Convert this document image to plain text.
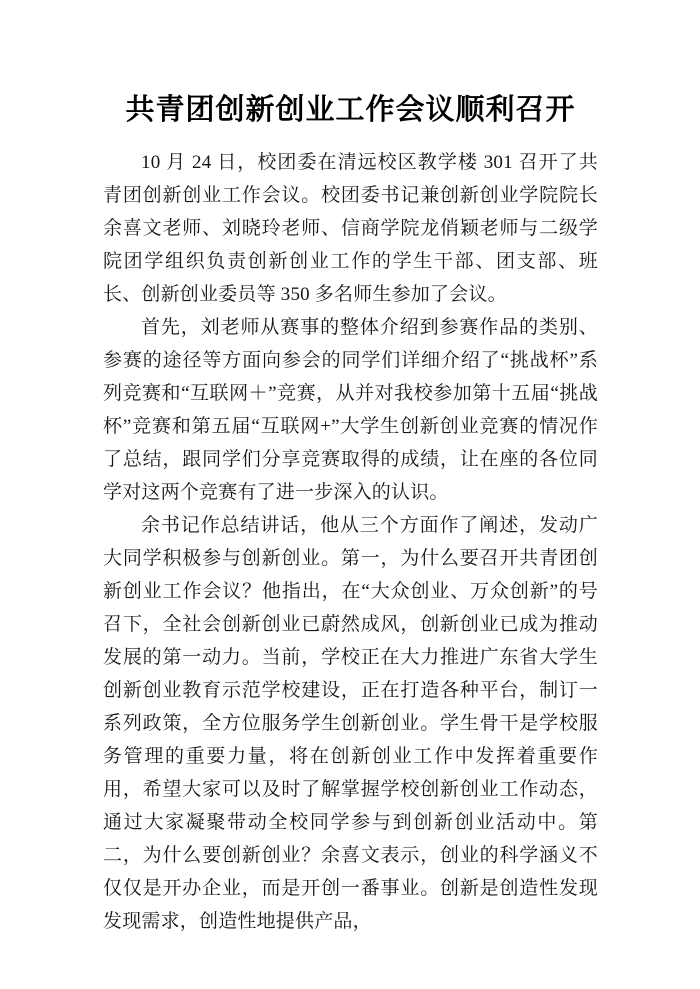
共青团创新创业工作会议顺利召开

10 月 24 日，校团委在清远校区教学楼 301 召开了共青团创新创业工作会议。校团委书记兼创新创业学院院长余喜文老师、刘晓玲老师、信商学院龙俏颖老师与二级学院团学组织负责创新创业工作的学生干部、团支部、班长、创新创业委员等 350 多名师生参加了会议。

首先，刘老师从赛事的整体介绍到参赛作品的类别、参赛的途径等方面向参会的同学们详细介绍了“挑战杯”系列竞赛和“互联网＋”竞赛，从并对我校参加第十五届“挑战杯”竞赛和第五届“互联网+”大学生创新创业竞赛的情况作了总结，跟同学们分享竞赛取得的成绩，让在座的各位同学对这两个竞赛有了进一步深入的认识。

余书记作总结讲话，他从三个方面作了阐述，发动广大同学积极参与创新创业。第一，为什么要召开共青团创新创业工作会议？他指出，在“大众创业、万众创新”的号召下，全社会创新创业已蔚然成风，创新创业已成为推动发展的第一动力。当前，学校正在大力推进广东省大学生创新创业教育示范学校建设，正在打造各种平台，制订一系列政策，全方位服务学生创新创业。学生骨干是学校服务管理的重要力量，将在创新创业工作中发挥着重要作用，希望大家可以及时了解掌握学校创新创业工作动态，通过大家凝聚带动全校同学参与到创新创业活动中。第二，为什么要创新创业？余喜文表示，创业的科学涵义不仅仅是开办企业，而是开创一番事业。创新是创造性发现发现需求，创造性地提供产品，
